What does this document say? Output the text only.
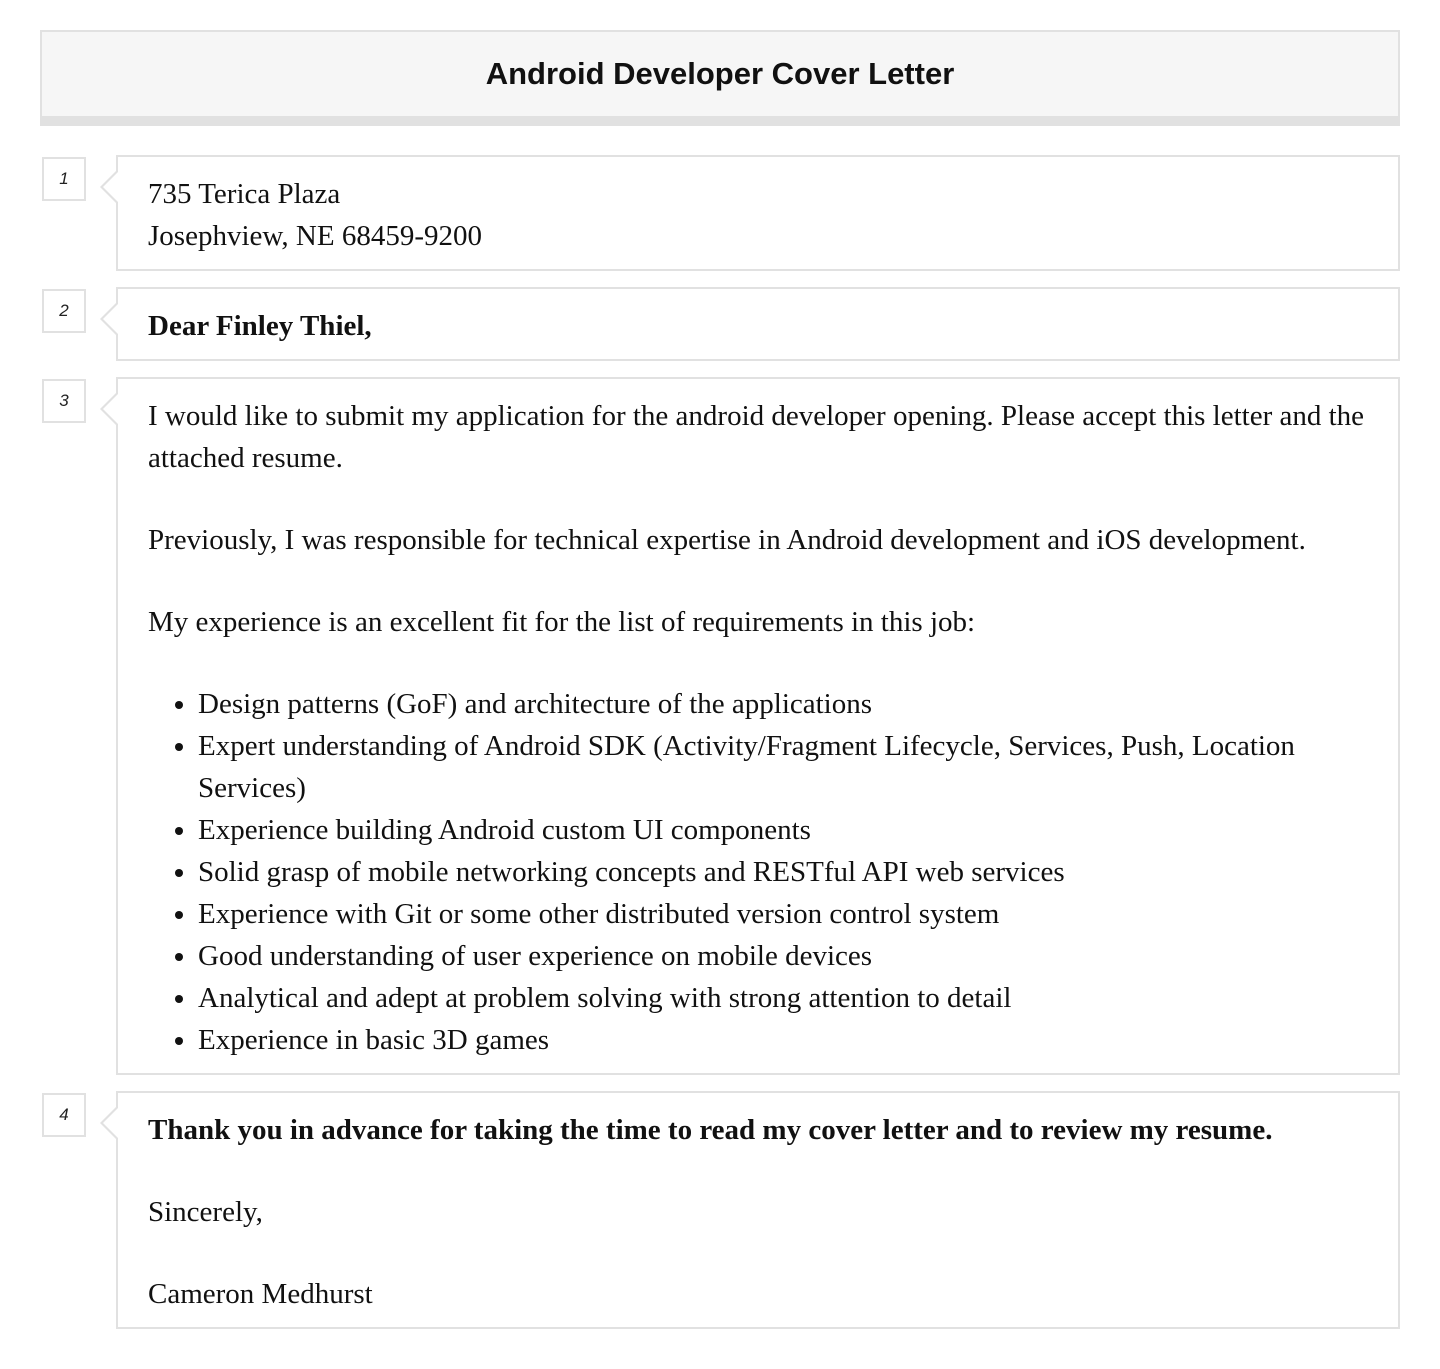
Android Developer Cover Letter
1	735 Terica Plaza
Josephview, NE 68459-9200
2	Dear Finley Thiel,

3	I would like to submit my application for the android developer opening. Please accept this letter and the attached resume.

Previously, I was responsible for technical expertise in Android development and iOS development.

My experience is an excellent fit for the list of requirements in this job:

• Design patterns (GoF) and architecture of the applications
• Expert understanding of Android SDK (Activity/Fragment Lifecycle, Services, Push, Location Services)
• Experience building Android custom UI components
• Solid grasp of mobile networking concepts and RESTful API web services
• Experience with Git or some other distributed version control system
• Good understanding of user experience on mobile devices
• Analytical and adept at problem solving with strong attention to detail
• Experience in basic 3D games
4	Thank you in advance for taking the time to read my cover letter and to review my resume.

Sincerely,

Cameron Medhurst
